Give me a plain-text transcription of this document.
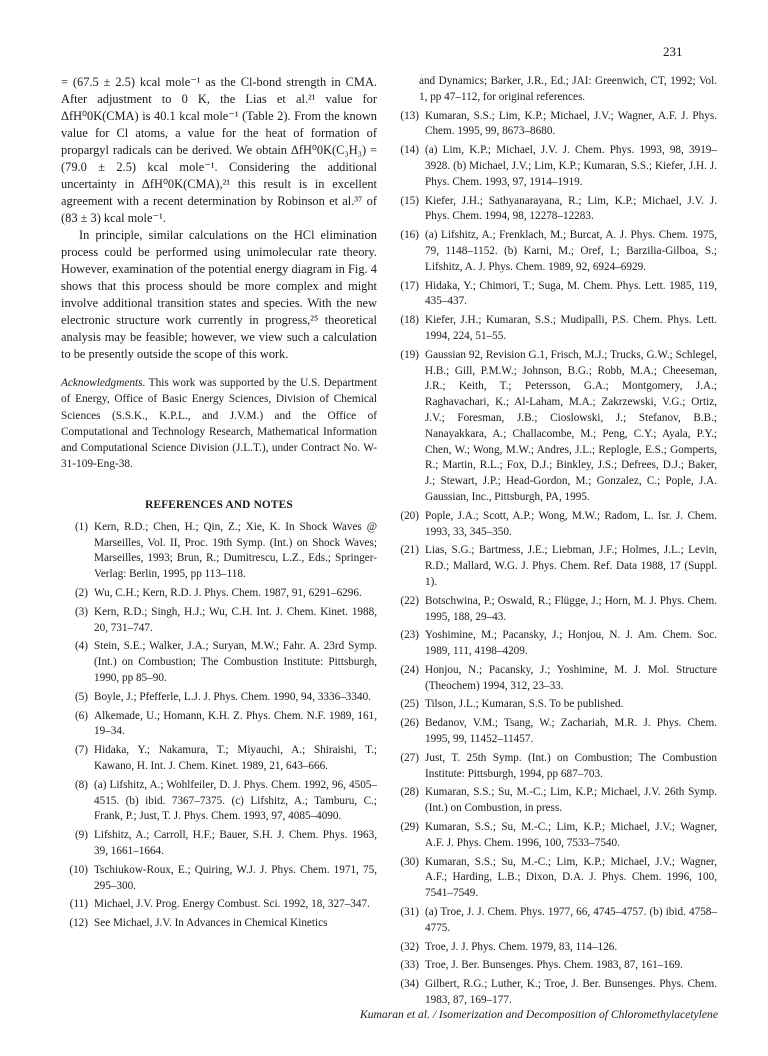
231

= (67.5 ± 2.5) kcal mole⁻¹ as the Cl-bond strength in CMA. After adjustment to 0 K, the Lias et al.²¹ value for ΔfH⁰0K(CMA) is 40.1 kcal mole⁻¹ (Table 2). From the known value for Cl atoms, a value for the heat of formation of propargyl radicals can be derived. We obtain ΔfH⁰0K(C₃H₃) = (79.0 ± 2.5) kcal mole⁻¹. Considering the additional uncertainty in ΔfH⁰0K(CMA),²¹ this result is in excellent agreement with a recent determination by Robinson et al.³⁷ of (83 ± 3) kcal mole⁻¹.

In principle, similar calculations on the HCl elimination process could be performed using unimolecular rate theory. However, examination of the potential energy diagram in Fig. 4 shows that this process should be more complex and might involve additional transition states and species. With the new electronic structure work currently in progress,²⁵ theoretical analysis may be feasible; however, we view such a calculation to be presently outside the scope of this work.

Acknowledgments. This work was supported by the U.S. Department of Energy, Office of Basic Energy Sciences, Division of Chemical Sciences (S.S.K., K.P.L., and J.V.M.) and the Office of Computational and Technology Research, Mathematical Information and Computational Science Division (J.L.T.), under Contract No. W-31-109-Eng-38.
REFERENCES AND NOTES
(1) Kern, R.D.; Chen, H.; Qin, Z.; Xie, K. In Shock Waves @ Marseilles, Vol. II, Proc. 19th Symp. (Int.) on Shock Waves; Marseilles, 1993; Brun, R.; Dumitrescu, L.Z., Eds.; Springer-Verlag: Berlin, 1995, pp 113–118.
(2) Wu, C.H.; Kern, R.D. J. Phys. Chem. 1987, 91, 6291–6296.
(3) Kern, R.D.; Singh, H.J.; Wu, C.H. Int. J. Chem. Kinet. 1988, 20, 731–747.
(4) Stein, S.E.; Walker, J.A.; Suryan, M.W.; Fahr. A. 23rd Symp. (Int.) on Combustion; The Combustion Institute: Pittsburgh, 1990, pp 85–90.
(5) Boyle, J.; Pfefferle, L.J. J. Phys. Chem. 1990, 94, 3336–3340.
(6) Alkemade, U.; Homann, K.H. Z. Phys. Chem. N.F. 1989, 161, 19–34.
(7) Hidaka, Y.; Nakamura, T.; Miyauchi, A.; Shiraishi, T.; Kawano, H. Int. J. Chem. Kinet. 1989, 21, 643–666.
(8) (a) Lifshitz, A.; Wohlfeiler, D. J. Phys. Chem. 1992, 96, 4505–4515. (b) ibid. 7367–7375. (c) Lifshitz, A.; Tamburu, C.; Frank, P.; Just, T. J. Phys. Chem. 1993, 97, 4085–4090.
(9) Lifshitz, A.; Carroll, H.F.; Bauer, S.H. J. Chem. Phys. 1963, 39, 1661–1664.
(10) Tschiukow-Roux, E.; Quiring, W.J. J. Phys. Chem. 1971, 75, 295–300.
(11) Michael, J.V. Prog. Energy Combust. Sci. 1992, 18, 327–347.
(12) See Michael, J.V. In Advances in Chemical Kinetics
and Dynamics; Barker, J.R., Ed.; JAI: Greenwich, CT, 1992; Vol. 1, pp 47–112, for original references.
(13) Kumaran, S.S.; Lim, K.P.; Michael, J.V.; Wagner, A.F. J. Phys. Chem. 1995, 99, 8673–8680.
(14) (a) Lim, K.P.; Michael, J.V. J. Chem. Phys. 1993, 98, 3919–3928. (b) Michael, J.V.; Lim, K.P.; Kumaran, S.S.; Kiefer, J.H. J. Phys. Chem. 1993, 97, 1914–1919.
(15) Kiefer, J.H.; Sathyanarayana, R.; Lim, K.P.; Michael, J.V. J. Phys. Chem. 1994, 98, 12278–12283.
(16) (a) Lifshitz, A.; Frenklach, M.; Burcat, A. J. Phys. Chem. 1975, 79, 1148–1152. (b) Karni, M.; Oref, I.; Barzilia-Gilboa, S.; Lifshitz, A. J. Phys. Chem. 1989, 92, 6924–6929.
(17) Hidaka, Y.; Chimori, T.; Suga, M. Chem. Phys. Lett. 1985, 119, 435–437.
(18) Kiefer, J.H.; Kumaran, S.S.; Mudipalli, P.S. Chem. Phys. Lett. 1994, 224, 51–55.
(19) Gaussian 92, Revision G.1, Frisch, M.J.; Trucks, G.W.; Schlegel, H.B.; Gill, P.M.W.; Johnson, B.G.; Robb, M.A.; Cheeseman, J.R.; Keith, T.; Petersson, G.A.; Montgomery, J.A.; Raghavachari, K.; Al-Laham, M.A.; Zakrzewski, V.G.; Ortiz, J.V.; Foresman, J.B.; Cioslowski, J.; Stefanov, B.B.; Nanayakkara, A.; Challacombe, M.; Peng, C.Y.; Ayala, P.Y.; Chen, W.; Wong, M.W.; Andres, J.L.; Replogle, E.S.; Gomperts, R.; Martin, R.L.; Fox, D.J.; Binkley, J.S.; Defrees, D.J.; Baker, J.; Stewart, J.P.; Head-Gordon, M.; Gonzalez, C.; Pople, J.A. Gaussian, Inc., Pittsburgh, PA, 1995.
(20) Pople, J.A.; Scott, A.P.; Wong, M.W.; Radom, L. Isr. J. Chem. 1993, 33, 345–350.
(21) Lias, S.G.; Bartmess, J.E.; Liebman, J.F.; Holmes, J.L.; Levin, R.D.; Mallard, W.G. J. Phys. Chem. Ref. Data 1988, 17 (Suppl. 1).
(22) Botschwina, P.; Oswald, R.; Flügge, J.; Horn, M. J. Phys. Chem. 1995, 188, 29–43.
(23) Yoshimine, M.; Pacansky, J.; Honjou, N. J. Am. Chem. Soc. 1989, 111, 4198–4209.
(24) Honjou, N.; Pacansky, J.; Yoshimine, M. J. Mol. Structure (Theochem) 1994, 312, 23–33.
(25) Tilson, J.L.; Kumaran, S.S. To be published.
(26) Bedanov, V.M.; Tsang, W.; Zachariah, M.R. J. Phys. Chem. 1995, 99, 11452–11457.
(27) Just, T. 25th Symp. (Int.) on Combustion; The Combustion Institute: Pittsburgh, 1994, pp 687–703.
(28) Kumaran, S.S.; Su, M.-C.; Lim, K.P.; Michael, J.V. 26th Symp. (Int.) on Combustion, in press.
(29) Kumaran, S.S.; Su, M.-C.; Lim, K.P.; Michael, J.V.; Wagner, A.F. J. Phys. Chem. 1996, 100, 7533–7540.
(30) Kumaran, S.S.; Su, M.-C.; Lim, K.P.; Michael, J.V.; Wagner, A.F.; Harding, L.B.; Dixon, D.A. J. Phys. Chem. 1996, 100, 7541–7549.
(31) (a) Troe, J. J. Chem. Phys. 1977, 66, 4745–4757. (b) ibid. 4758–4775.
(32) Troe, J. J. Phys. Chem. 1979, 83, 114–126.
(33) Troe, J. Ber. Bunsenges. Phys. Chem. 1983, 87, 161–169.
(34) Gilbert, R.G.; Luther, K.; Troe, J. Ber. Bunsenges. Phys. Chem. 1983, 87, 169–177.
Kumaran et al. / Isomerization and Decomposition of Chloromethylacetylene
